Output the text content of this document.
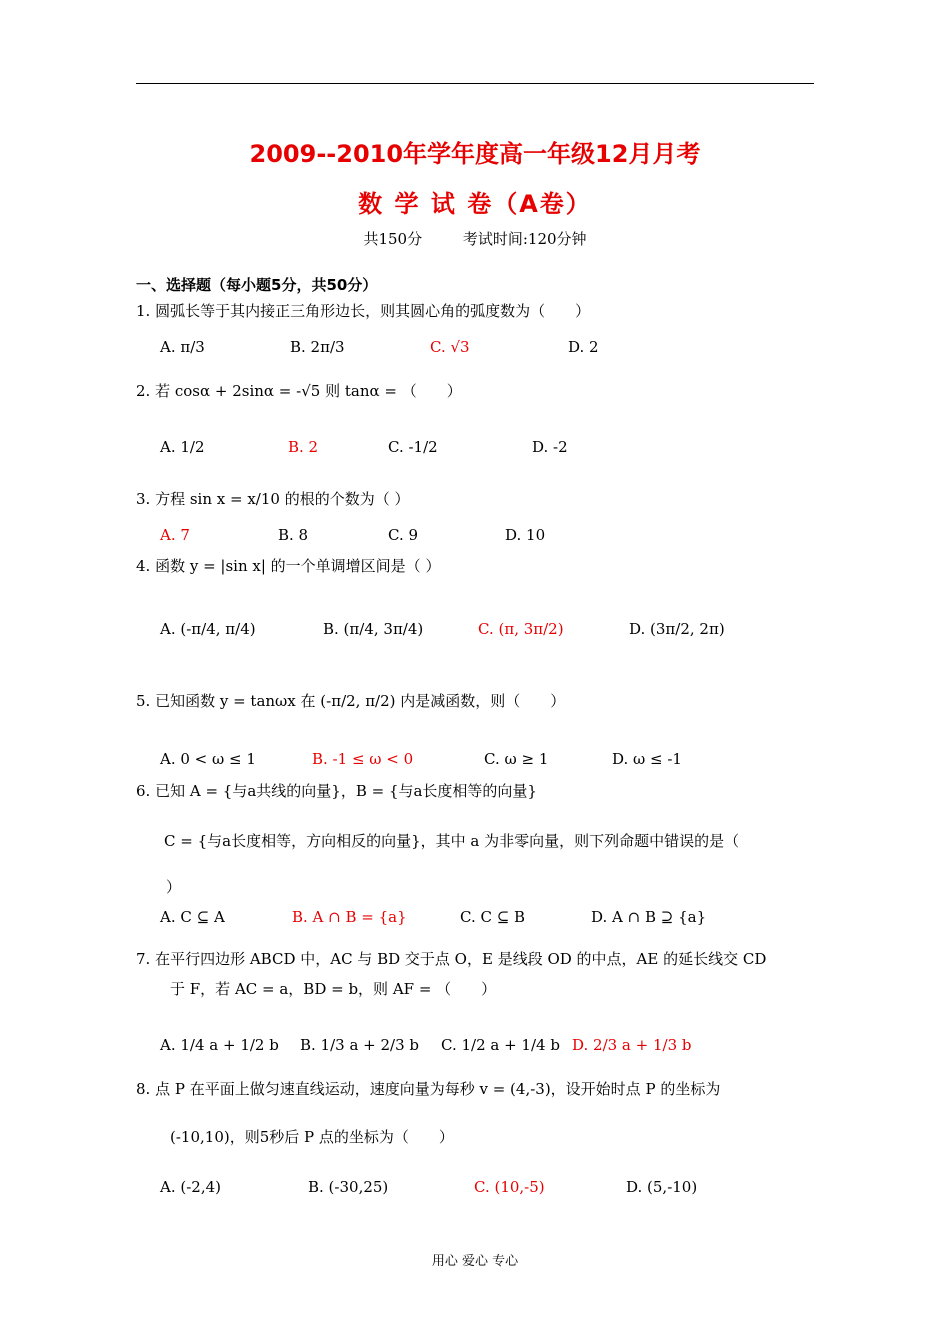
2009--2010年学年度高一年级12月月考
数 学 试 卷（A卷）
共150分	考试时间:120分钟
一、选择题（每小题5分，共50分）
1. 圆弧长等于其内接正三角形边长，则其圆心角的弧度数为（　　）
A. π/3	B. 2π/3	C. √3	D. 2
2. 若 cosα + 2sinα = -√5 则 tanα = （　　）
A. 1/2	B. 2	C. -1/2	D. -2
3. 方程 sin x = x/10 的根的个数为（ ）
A. 7	B. 8	C. 9	D. 10
4. 函数 y = |sin x| 的一个单调增区间是（ ）
A. (-π/4, π/4)	B. (π/4, 3π/4)	C. (π, 3π/2)	D. (3π/2, 2π)
5. 已知函数 y = tanωx 在 (-π/2, π/2) 内是减函数，则（　　）
A. 0 < ω ≤ 1	B. -1 ≤ ω < 0	C. ω ≥ 1	D. ω ≤ -1
6. 已知 A = {与a共线的向量}，B = {与a长度相等的向量}
C = {与a长度相等，方向相反的向量}，其中 a 为非零向量，则下列命题中错误的是（
）
A. C ⊆ A	B. A ∩ B = {a}	C. C ⊆ B	D. A ∩ B ⊇ {a}
7. 在平行四边形 ABCD 中，AC 与 BD 交于点 O，E 是线段 OD 的中点，AE 的延长线交 CD
于 F，若 AC = a，BD = b，则 AF = （　　）
A. 1/4 a + 1/2 b B. 1/3 a + 2/3 b C. 1/2 a + 1/4 b D. 2/3 a + 1/3 b
8. 点 P 在平面上做匀速直线运动，速度向量为每秒 v = (4,-3)，设开始时点 P 的坐标为
(-10,10)，则5秒后 P 点的坐标为（　　）
A. (-2,4)	B. (-30,25)	C. (10,-5)	D. (5,-10)
用心 爱心 专心
